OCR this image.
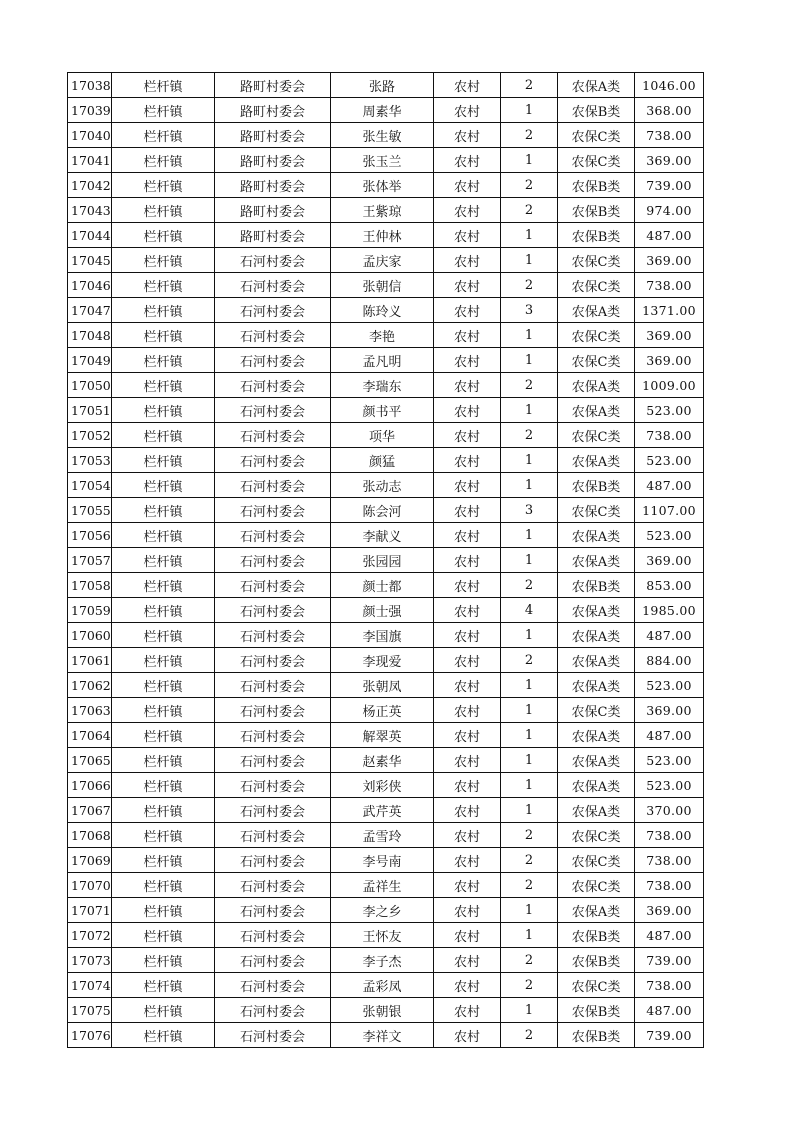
17038	栏杆镇	路町村委会	张路	农村	2	农保A类	1046.00
17039	栏杆镇	路町村委会	周素华	农村	1	农保B类	368.00
17040	栏杆镇	路町村委会	张生敏	农村	2	农保C类	738.00
17041	栏杆镇	路町村委会	张玉兰	农村	1	农保C类	369.00
17042	栏杆镇	路町村委会	张体举	农村	2	农保B类	739.00
17043	栏杆镇	路町村委会	王紫琼	农村	2	农保B类	974.00
17044	栏杆镇	路町村委会	王仲林	农村	1	农保B类	487.00
17045	栏杆镇	石河村委会	孟庆家	农村	1	农保C类	369.00
17046	栏杆镇	石河村委会	张朝信	农村	2	农保C类	738.00
17047	栏杆镇	石河村委会	陈玲义	农村	3	农保A类	1371.00
17048	栏杆镇	石河村委会	李艳	农村	1	农保C类	369.00
17049	栏杆镇	石河村委会	孟凡明	农村	1	农保C类	369.00
17050	栏杆镇	石河村委会	李瑞东	农村	2	农保A类	1009.00
17051	栏杆镇	石河村委会	颜书平	农村	1	农保A类	523.00
17052	栏杆镇	石河村委会	项华	农村	2	农保C类	738.00
17053	栏杆镇	石河村委会	颜猛	农村	1	农保A类	523.00
17054	栏杆镇	石河村委会	张动志	农村	1	农保B类	487.00
17055	栏杆镇	石河村委会	陈会河	农村	3	农保C类	1107.00
17056	栏杆镇	石河村委会	李献义	农村	1	农保A类	523.00
17057	栏杆镇	石河村委会	张园园	农村	1	农保A类	369.00
17058	栏杆镇	石河村委会	颜士都	农村	2	农保B类	853.00
17059	栏杆镇	石河村委会	颜士强	农村	4	农保A类	1985.00
17060	栏杆镇	石河村委会	李国旗	农村	1	农保A类	487.00
17061	栏杆镇	石河村委会	李现爱	农村	2	农保A类	884.00
17062	栏杆镇	石河村委会	张朝凤	农村	1	农保A类	523.00
17063	栏杆镇	石河村委会	杨正英	农村	1	农保C类	369.00
17064	栏杆镇	石河村委会	解翠英	农村	1	农保A类	487.00
17065	栏杆镇	石河村委会	赵素华	农村	1	农保A类	523.00
17066	栏杆镇	石河村委会	刘彩侠	农村	1	农保A类	523.00
17067	栏杆镇	石河村委会	武芹英	农村	1	农保A类	370.00
17068	栏杆镇	石河村委会	孟雪玲	农村	2	农保C类	738.00
17069	栏杆镇	石河村委会	李号南	农村	2	农保C类	738.00
17070	栏杆镇	石河村委会	孟祥生	农村	2	农保C类	738.00
17071	栏杆镇	石河村委会	李之乡	农村	1	农保A类	369.00
17072	栏杆镇	石河村委会	王怀友	农村	1	农保B类	487.00
17073	栏杆镇	石河村委会	李子杰	农村	2	农保B类	739.00
17074	栏杆镇	石河村委会	孟彩凤	农村	2	农保C类	738.00
17075	栏杆镇	石河村委会	张朝银	农村	1	农保B类	487.00
17076	栏杆镇	石河村委会	李祥文	农村	2	农保B类	739.00
